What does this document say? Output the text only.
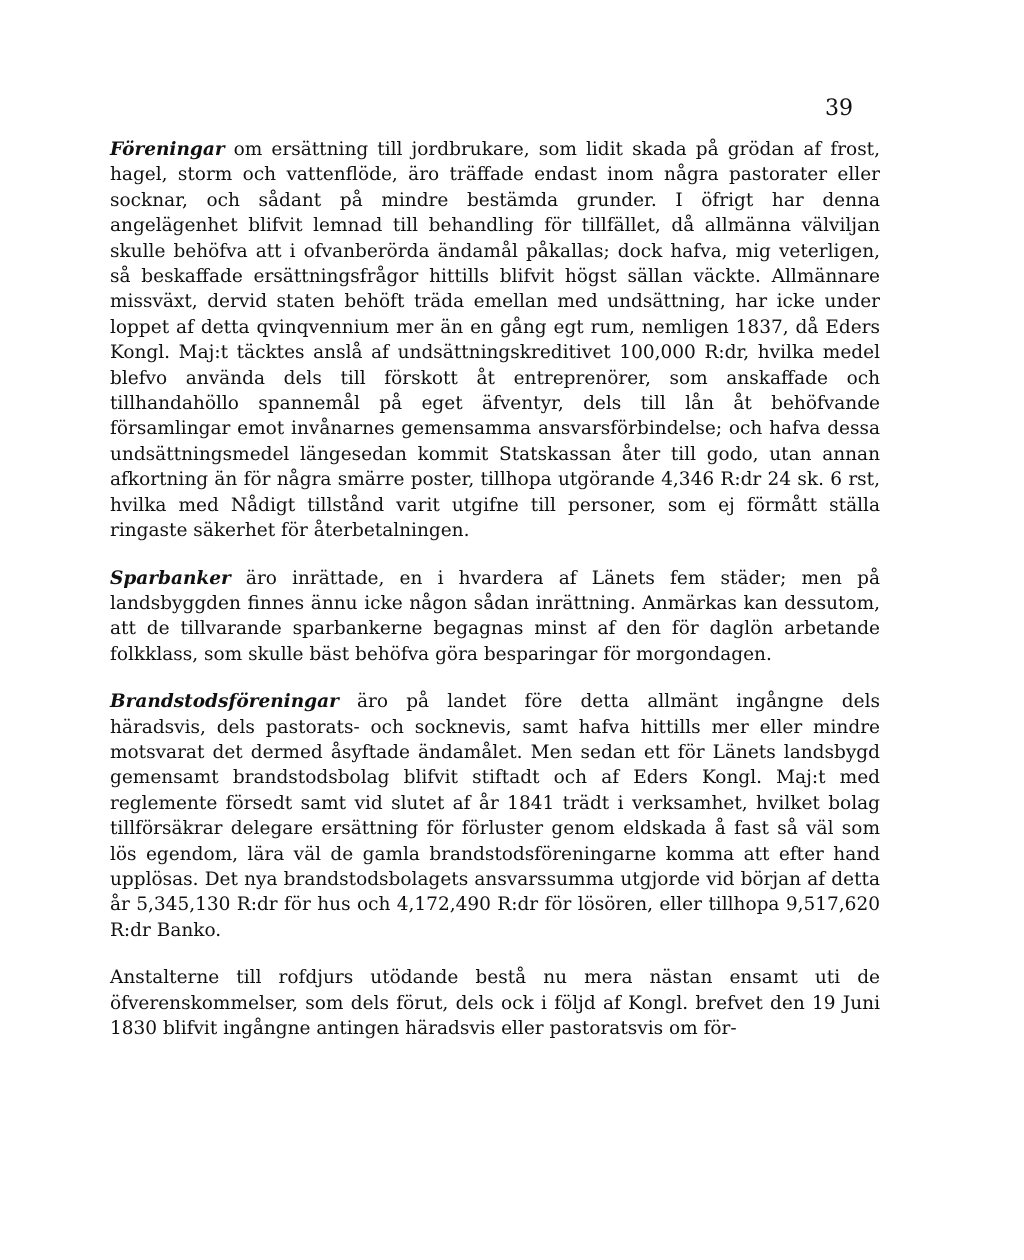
39

Föreningar om ersättning till jordbrukare, som lidit skada på grödan af frost, hagel, storm och vattenflöde, äro träffade endast inom några pastorater eller socknar, och sådant på mindre bestämda grunder. I öfrigt har denna angelägenhet blifvit lemnad till behandling för tillfället, då allmänna välviljan skulle behöfva att i ofvanberörda ändamål påkallas; dock hafva, mig veterligen, så beskaffade ersättningsfrågor hittills blifvit högst sällan väckte. Allmännare missväxt, dervid staten behöft träda emellan med undsättning, har icke under loppet af detta qvinqvennium mer än en gång egt rum, nemligen 1837, då Eders Kongl. Maj:t täcktes anslå af undsättningskreditivet 100,000 R:dr, hvilka medel blefvo använda dels till förskott åt entreprenörer, som anskaffade och tillhandahöllo spannemål på eget äfventyr, dels till lån åt behöfvande församlingar emot invånarnes gemensamma ansvarsförbindelse; och hafva dessa undsättningsmedel längesedan kommit Statskassan åter till godo, utan annan afkortning än för några smärre poster, tillhopa utgörande 4,346 R:dr 24 sk. 6 rst, hvilka med Nådigt tillstånd varit utgifne till personer, som ej förmått ställa ringaste säkerhet för återbetalningen.

Sparbanker äro inrättade, en i hvardera af Länets fem städer; men på landsbyggden finnes ännu icke någon sådan inrättning. Anmärkas kan dessutom, att de tillvarande sparbankerne begagnas minst af den för daglön arbetande folkklass, som skulle bäst behöfva göra besparingar för morgondagen.

Brandstodsföreningar äro på landet före detta allmänt ingångne dels häradsvis, dels pastorats- och socknevis, samt hafva hittills mer eller mindre motsvarat det dermed åsyftade ändamålet. Men sedan ett för Länets landsbygd gemensamt brandstodsbolag blifvit stiftadt och af Eders Kongl. Maj:t med reglemente försedt samt vid slutet af år 1841 trädt i verksamhet, hvilket bolag tillförsäkrar delegare ersättning för förluster genom eldskada å fast så väl som lös egendom, lära väl de gamla brandstodsföreningarne komma att efter hand upplösas. Det nya brandstodsbolagets ansvarssumma utgjorde vid början af detta år 5,345,130 R:dr för hus och 4,172,490 R:dr för lösören, eller tillhopa 9,517,620 R:dr Banko.

Anstalterne till rofdjurs utödande bestå nu mera nästan ensamt uti de öfverenskommelser, som dels förut, dels ock i följd af Kongl. brefvet den 19 Juni 1830 blifvit ingångne antingen häradsvis eller pastoratsvis om för-
